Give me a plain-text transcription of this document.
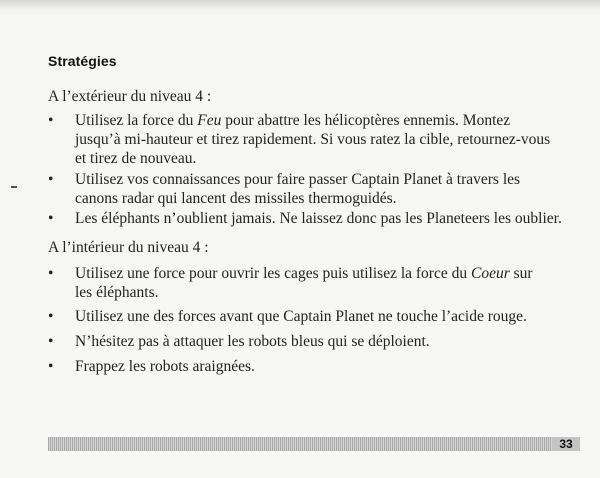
Stratégies
A l’extérieur du niveau 4 :
•	Utilisez la force du Feu pour abattre les hélicoptères ennemis. Montez
jusqu’à mi-hauteur et tirez rapidement. Si vous ratez la cible, retournez-vous
et tirez de nouveau.
•	Utilisez vos connaissances pour faire passer Captain Planet à travers les
canons radar qui lancent des missiles thermoguidés.
•	Les éléphants n’oublient jamais. Ne laissez donc pas les Planeteers les oublier.
A l’intérieur du niveau 4 :
•	Utilisez une force pour ouvrir les cages puis utilisez la force du Coeur sur
les éléphants.
•	Utilisez une des forces avant que Captain Planet ne touche l’acide rouge.
•	N’hésitez pas à attaquer les robots bleus qui se déploient.
•	Frappez les robots araignées.
33
